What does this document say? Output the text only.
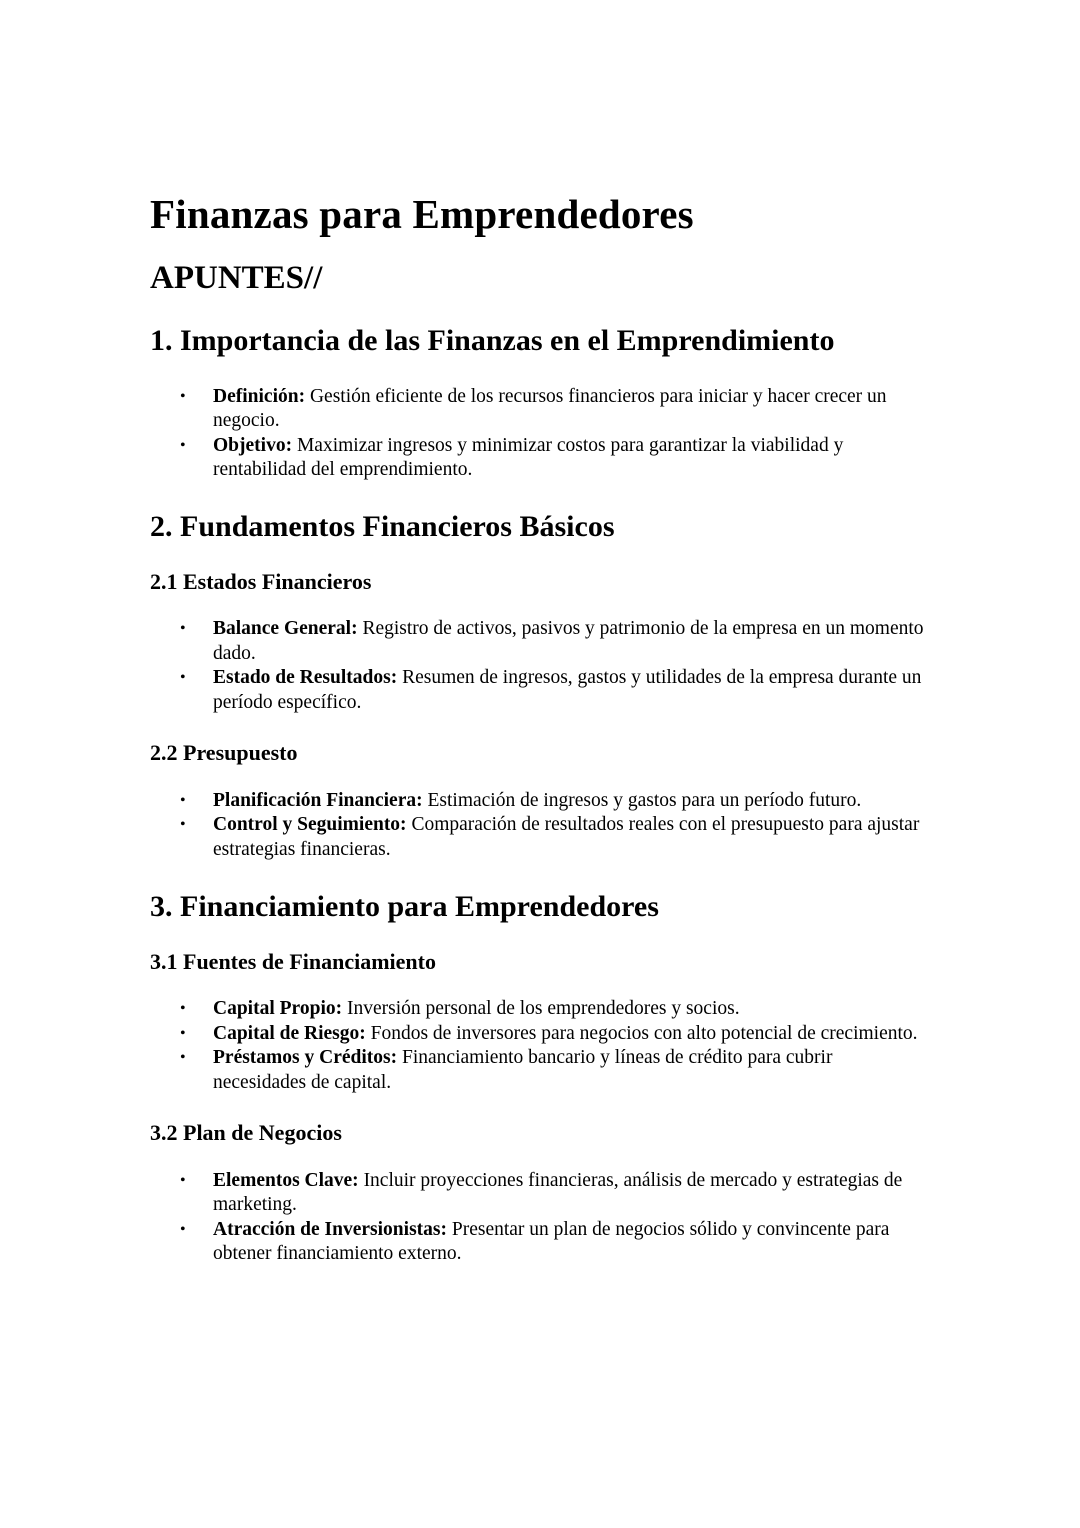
Finanzas para Emprendedores
APUNTES//
1. Importancia de las Finanzas en el Emprendimiento
• Definición: Gestión eficiente de los recursos financieros para iniciar y hacer crecer un negocio.
• Objetivo: Maximizar ingresos y minimizar costos para garantizar la viabilidad y rentabilidad del emprendimiento.
2. Fundamentos Financieros Básicos
2.1 Estados Financieros
• Balance General: Registro de activos, pasivos y patrimonio de la empresa en un momento dado.
• Estado de Resultados: Resumen de ingresos, gastos y utilidades de la empresa durante un período específico.
2.2 Presupuesto
• Planificación Financiera: Estimación de ingresos y gastos para un período futuro.
• Control y Seguimiento: Comparación de resultados reales con el presupuesto para ajustar estrategias financieras.
3. Financiamiento para Emprendedores
3.1 Fuentes de Financiamiento
• Capital Propio: Inversión personal de los emprendedores y socios.
• Capital de Riesgo: Fondos de inversores para negocios con alto potencial de crecimiento.
• Préstamos y Créditos: Financiamiento bancario y líneas de crédito para cubrir necesidades de capital.
3.2 Plan de Negocios
• Elementos Clave: Incluir proyecciones financieras, análisis de mercado y estrategias de marketing.
• Atracción de Inversionistas: Presentar un plan de negocios sólido y convincente para obtener financiamiento externo.
